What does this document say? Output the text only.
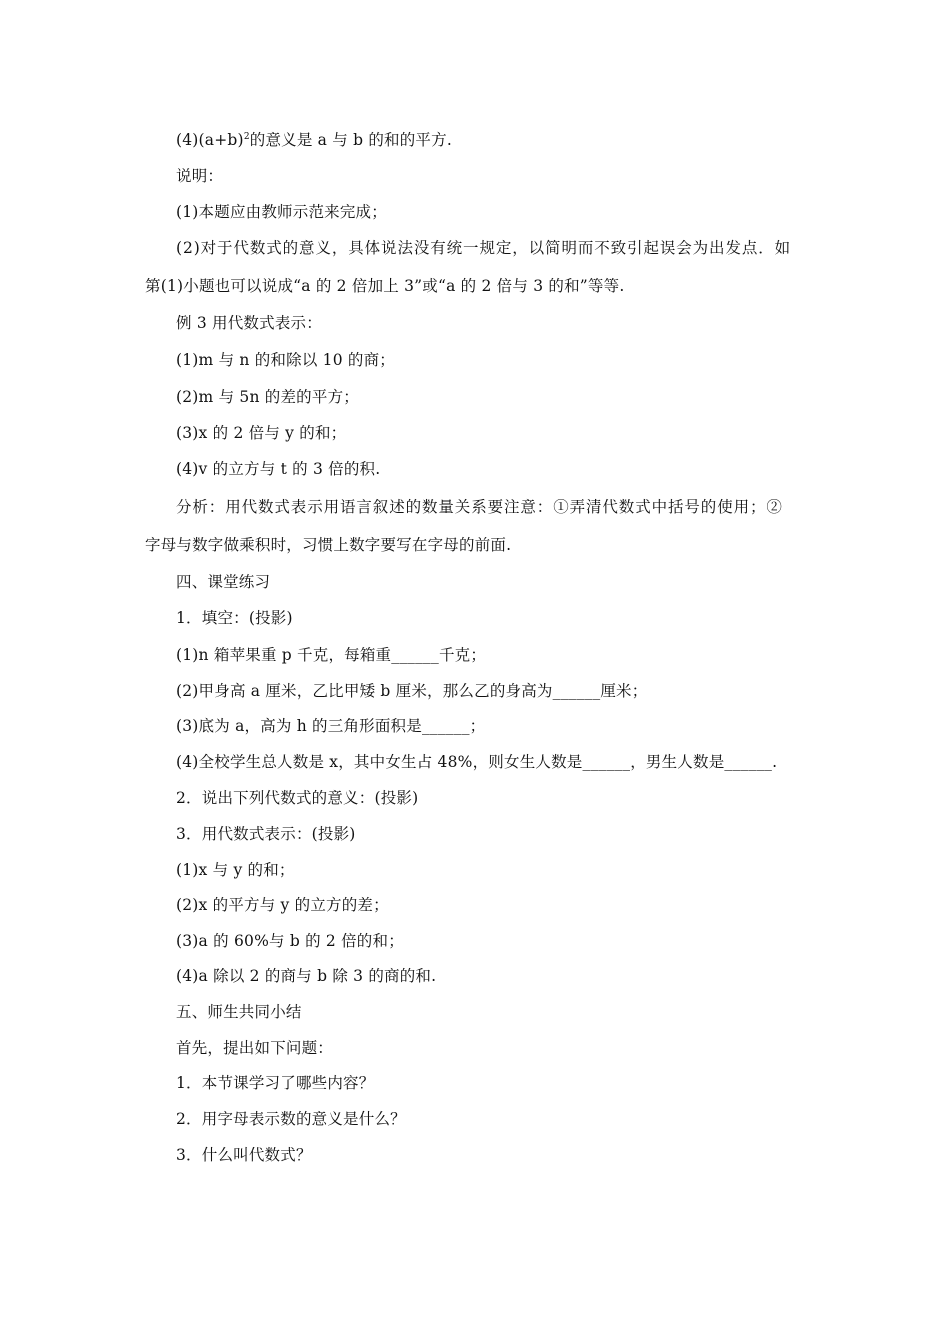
$(4)(a+b)^2$的意义是 a 与 b 的和的平方.
说明：
(1)本题应由教师示范来完成；
(2)对于代数式的意义，具体说法没有统一规定，以简明而不致引起误会为出发点．如
第(1)小题也可以说成“a 的 2 倍加上 3”或“a 的 2 倍与 3 的和”等等.
例 3 用代数式表示：
(1)m 与 n 的和除以 10 的商；
(2)m 与 5n 的差的平方；
(3)x 的 2 倍与 y 的和；
(4)v 的立方与 t 的 3 倍的积.
分析：用代数式表示用语言叙述的数量关系要注意：①弄清代数式中括号的使用；②
字母与数字做乘积时，习惯上数字要写在字母的前面.
四、课堂练习
1．填空：(投影)
(1)n 箱苹果重 p 千克，每箱重______千克；
(2)甲身高 a 厘米，乙比甲矮 b 厘米，那么乙的身高为______厘米；
(3)底为 a，高为 h 的三角形面积是______；
(4)全校学生总人数是 x，其中女生占 48%，则女生人数是______，男生人数是______.
2．说出下列代数式的意义：(投影)
3．用代数式表示：(投影)
(1)x 与 y 的和；
(2)x 的平方与 y 的立方的差；
(3)a 的 60%与 b 的 2 倍的和；
(4)a 除以 2 的商与 b 除 3 的商的和.
五、师生共同小结
首先，提出如下问题：
1．本节课学习了哪些内容？
2．用字母表示数的意义是什么？
3．什么叫代数式？
